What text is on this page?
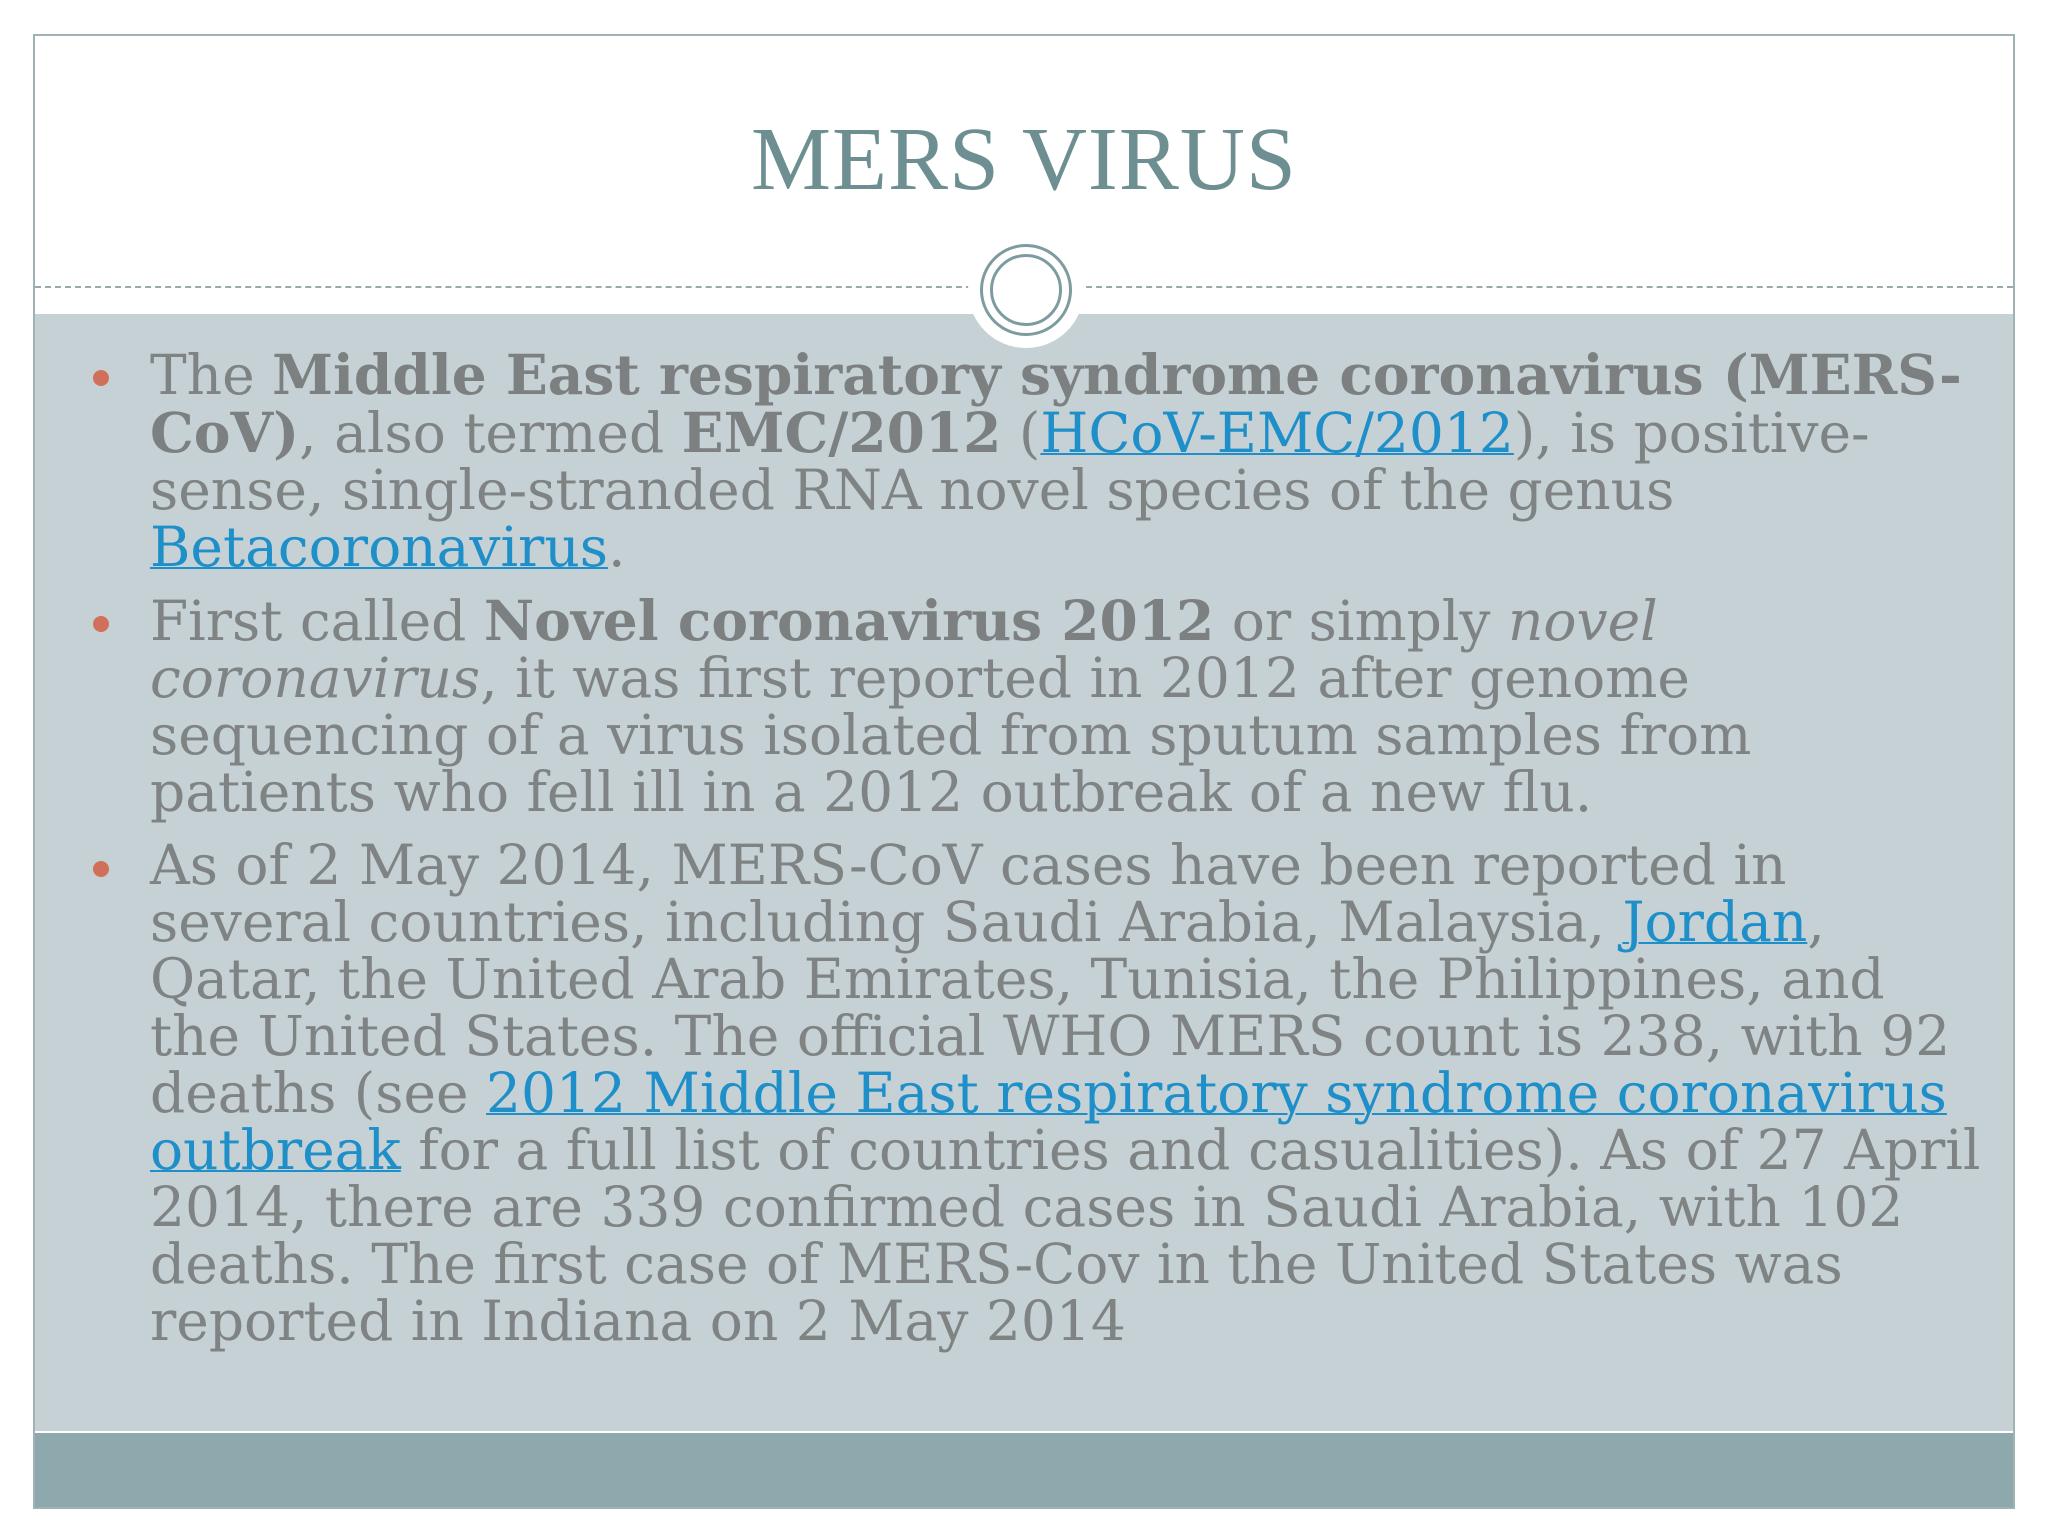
MERS VIRUS
The Middle East respiratory syndrome coronavirus (MERS-CoV), also termed EMC/2012 (HCoV-EMC/2012), is positive-sense, single-stranded RNA novel species of the genus Betacoronavirus.
First called Novel coronavirus 2012 or simply novel coronavirus, it was first reported in 2012 after genome sequencing of a virus isolated from sputum samples from patients who fell ill in a 2012 outbreak of a new flu.
As of 2 May 2014, MERS-CoV cases have been reported in several countries, including Saudi Arabia, Malaysia, Jordan, Qatar, the United Arab Emirates, Tunisia, the Philippines, and the United States. The official WHO MERS count is 238, with 92 deaths (see 2012 Middle East respiratory syndrome coronavirus outbreak for a full list of countries and casualities). As of 27 April 2014, there are 339 confirmed cases in Saudi Arabia, with 102 deaths. The first case of MERS-Cov in the United States was reported in Indiana on 2 May 2014
